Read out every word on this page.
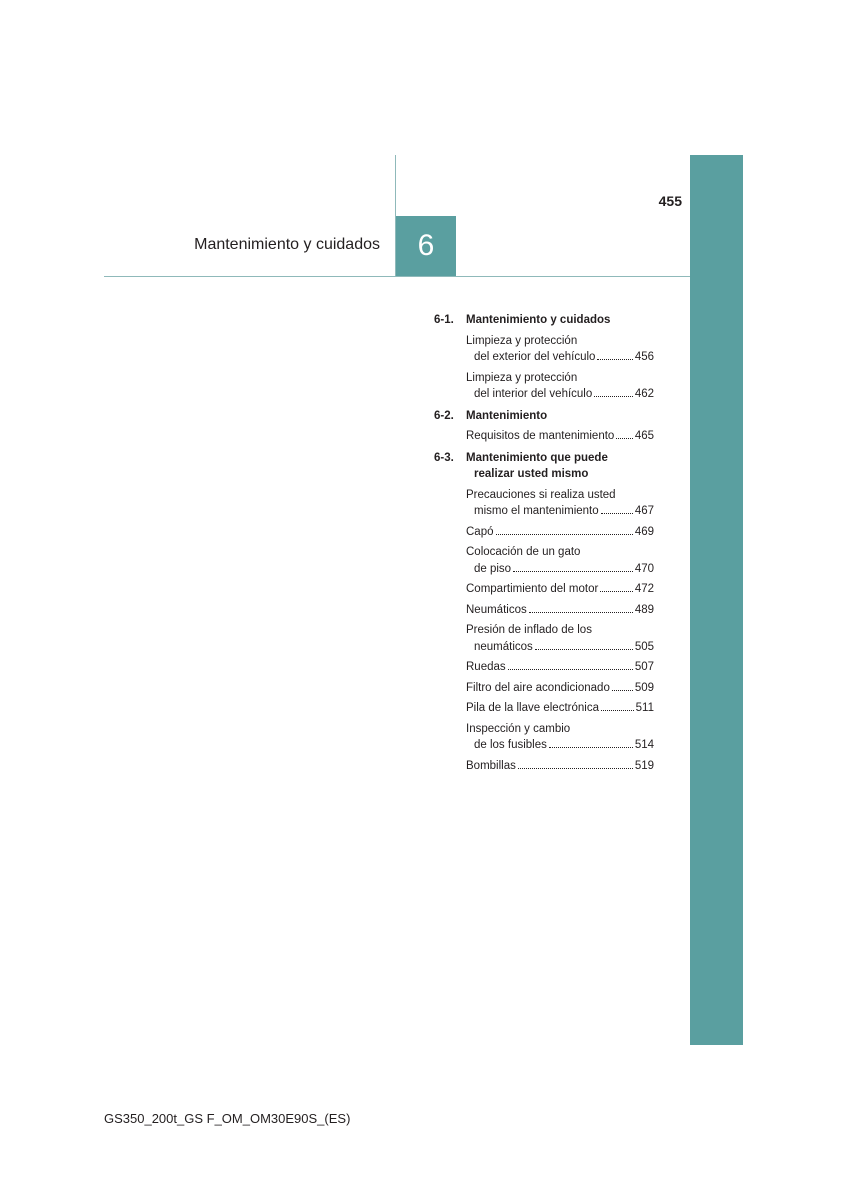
455
Mantenimiento y cuidados	6
6-1.	Mantenimiento y cuidados
Limpieza y protección
del exterior del vehículo	456
Limpieza y protección
del interior del vehículo	462
6-2.	Mantenimiento
Requisitos de mantenimiento 465
6-3.	Mantenimiento que puede
realizar usted mismo
Precauciones si realiza usted
mismo el mantenimiento	467
Capó	469
Colocación de un gato
de piso	470
Compartimiento del motor	472
Neumáticos	489
Presión de inflado de los
neumáticos	505
Ruedas	507
Filtro del aire acondicionado 509
Pila de la llave electrónica	511
Inspección y cambio
de los fusibles	514
Bombillas	519
GS350_200t_GS F_OM_OM30E90S_(ES)
